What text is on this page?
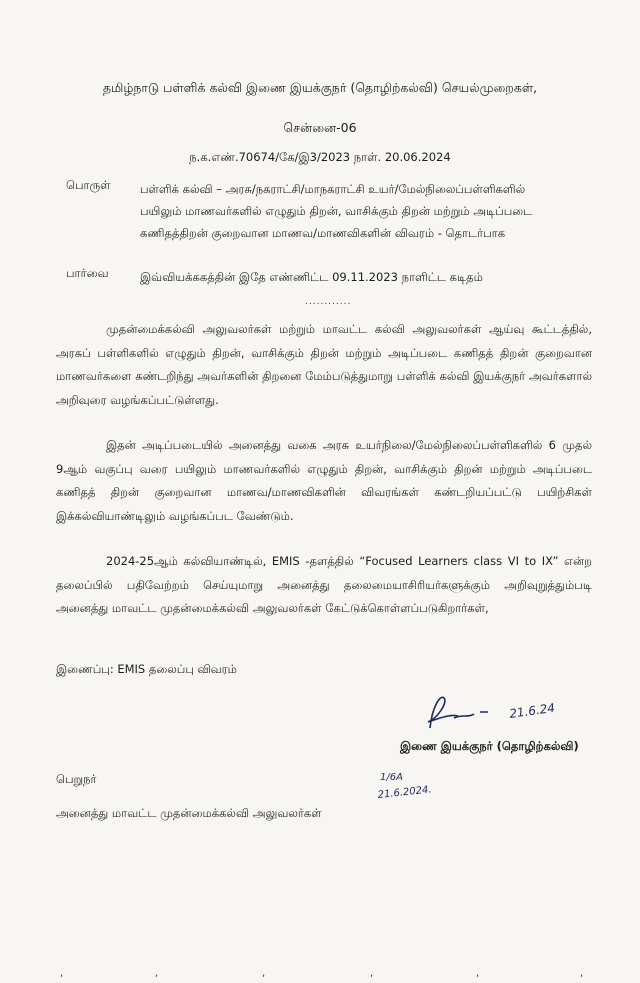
தமிழ்நாடு பள்ளிக் கல்வி இணை இயக்குநர் (தொழிற்கல்வி) செயல்முறைகள்,
சென்னை-06
ந.க.எண்.70674/கே/இ3/2023 நாள். 20.06.2024
பொருள்	பள்ளிக் கல்வி – அரசு/நகராட்சி/மாநகராட்சி உயர்/மேல்நிலைப்பள்ளிகளில்
பயிலும் மாணவர்களில் எழுதும் திறன், வாசிக்கும் திறன் மற்றும் அடிப்படை
கணிதத்திறன் குறைவான மாணவ/மாணவிகளின் விவரம் - தொடர்பாக
பார்வை	இவ்வியக்ககத்தின் இதே எண்ணிட்ட 09.11.2023 நாளிட்ட கடிதம்
............
முதன்மைக்கல்வி அலுவலர்கள் மற்றும் மாவட்ட கல்வி அலுவலர்கள் ஆய்வு கூட்டத்தில், அரசுப் பள்ளிகளில் எழுதும் திறன், வாசிக்கும் திறன் மற்றும் அடிப்படை கணிதத் திறன் குறைவான மாணவர்களை கண்டறிந்து அவர்களின் திறனை மேம்படுத்துமாறு பள்ளிக் கல்வி இயக்குநர் அவர்களால் அறிவுரை வழங்கப்பட்டுள்ளது.
இதன் அடிப்படையில் அனைத்து வகை அரசு உயர்நிலை/மேல்நிலைப்பள்ளிகளில் 6 முதல் 9ஆம் வகுப்பு வரை பயிலும் மாணவர்களில் எழுதும் திறன், வாசிக்கும் திறன் மற்றும் அடிப்படை கணிதத் திறன் குறைவான மாணவ/மாணவிகளின் விவரங்கள் கண்டறியப்பட்டு பயிற்சிகள் இக்கல்வியாண்டிலும் வழங்கப்பட வேண்டும்.
2024-25ஆம் கல்வியாண்டில், EMIS -தளத்தில் “Focused Learners class VI to IX” என்ற தலைப்பில் பதிவேற்றம் செய்யுமாறு அனைத்து தலைமையாசிரியர்களுக்கும் அறிவுறுத்தும்படி அனைத்து மாவட்ட முதன்மைக்கல்வி அலுவலர்கள் கேட்டுக்கொள்ளப்படுகிறார்கள்,
இணைப்பு: EMIS தலைப்பு விவரம்
21.6.24
இணை இயக்குநர் (தொழிற்கல்வி)
1/6A
21.6.2024.
பெறுநர்
அனைத்து மாவட்ட முதன்மைக்கல்வி அலுவலர்கள்
,	,	,	,	,	,
